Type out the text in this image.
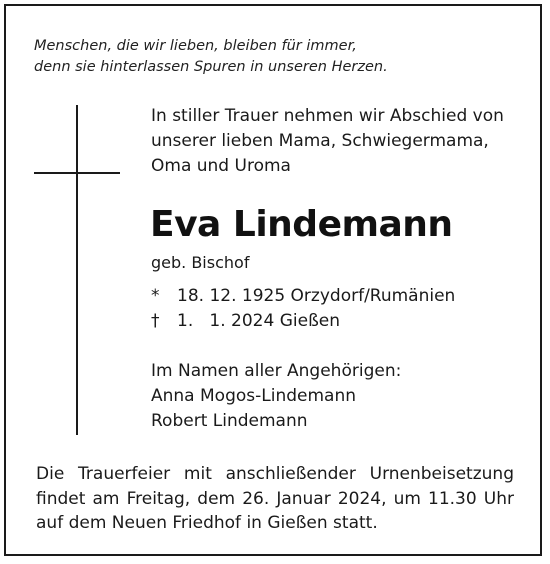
Menschen, die wir lieben, bleiben für immer,
denn sie hinterlassen Spuren in unseren Herzen.
In stiller Trauer nehmen wir Abschied von
unserer lieben Mama, Schwiegermama,
Oma und Uroma
Eva Lindemann
geb. Bischof
* 18. 12. 1925 Orzydorf/Rumänien
† 1.   1. 2024 Gießen
Im Namen aller Angehörigen:
Anna Mogos-Lindemann
Robert Lindemann
Die Trauerfeier mit anschließender Urnenbeisetzung
findet am Freitag, dem 26. Januar 2024, um 11.30 Uhr
auf dem Neuen Friedhof in Gießen statt.
